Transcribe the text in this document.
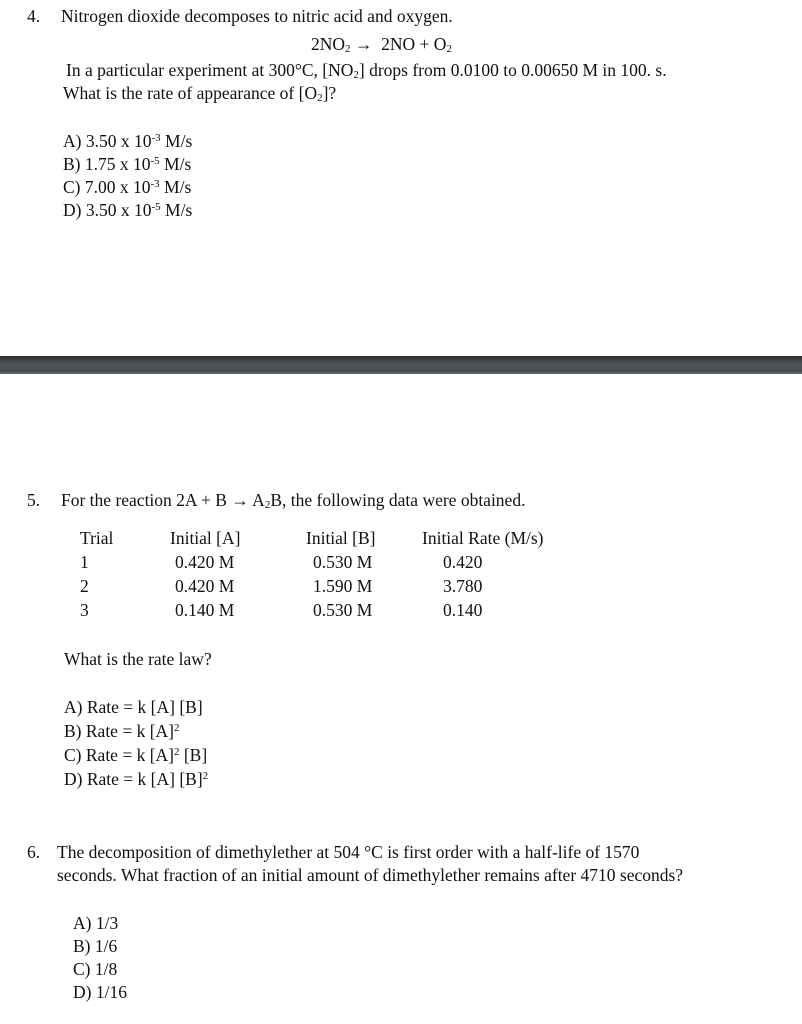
4. Nitrogen dioxide decomposes to nitric acid and oxygen.
$2NO_2 \to 2NO + O_2$
In a particular experiment at 300°C, $[NO_2]$ drops from 0.0100 to 0.00650 M in 100. s.
What is the rate of appearance of $[O_2]$?
A) 3.50 x $10^{-3}$ M/s
B) 1.75 x $10^{-5}$ M/s
C) 7.00 x $10^{-3}$ M/s
D) 3.50 x $10^{-5}$ M/s
5. For the reaction $2A + B \to A_2B$, the following data were obtained.
Trial	Initial [A]	Initial [B]	Initial Rate (M/s)
1	0.420 M	0.530 M	0.420
2	0.420 M	1.590 M	3.780
3	0.140 M	0.530 M	0.140
What is the rate law?
A) Rate = k [A] [B]
B) Rate = k $[A]^2$
C) Rate = k $[A]^2$ [B]
D) Rate = k [A] $[B]^2$
6. The decomposition of dimethylether at 504 °C is first order with a half-life of 1570
seconds. What fraction of an initial amount of dimethylether remains after 4710 seconds?
A) 1/3
B) 1/6
C) 1/8
D) 1/16
